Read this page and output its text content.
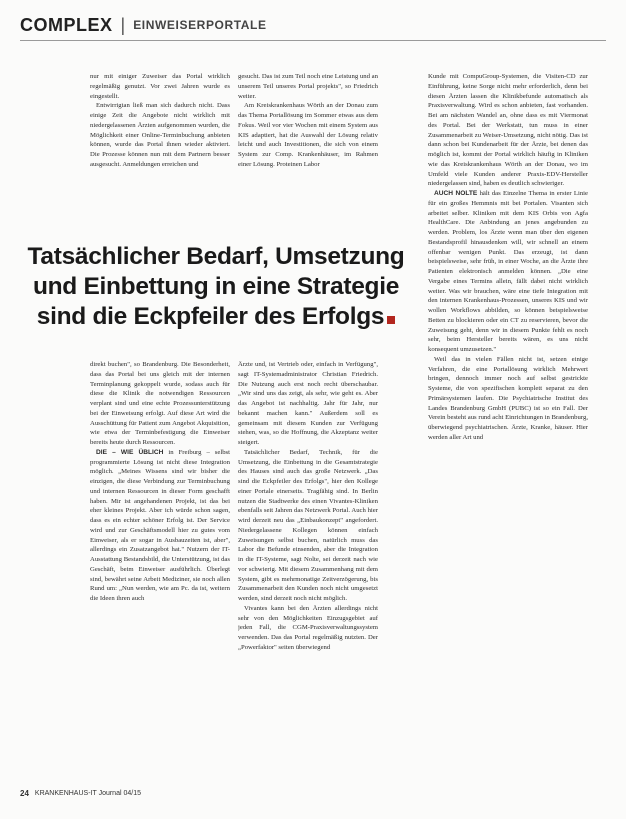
COMPLEX | EINWEISERPORTALE

nur mit einiger Zuweiser das Portal wirklich regelmäßig genutzt. Vor zwei Jahren wurde es eingestellt.

Entwirrigtan ließ man sich dadurch nicht. Dass einige Zeit die Angebote nicht wirklich mit niedergelassenen Ärzten aufgenommen wurden, die Möglichkeit einer Online-Terminbuchung anbieten können, wurde das Portal ihnen wieder aktiviert. Die Prozesse können nun mit dem Partnern besser ausgesucht. Anmeldungen erreichen und

gesucht. Das ist zum Teil noch eine Leistung und an unserem Teil unseres Portal projekts", so Friedrich weiter.

Am Kreiskrankenhaus Wörth an der Donau zum das Thema Portallösung im Sommer etwas aus dem Fokus. Weil vor vier Wochen mit einem System aus KIS adaptiert, hat die Auswahl der Lösung relativ leicht und auch Investitionen, die sich von einem System zur Comp. Krankenhäuser, im Rahmen einer Lösung. Proteinen Labor

Kunde mit CompuGroup-Systemen, die Visiten-CD zur Einführung, keine Sorge nicht mehr erforderlich, denn bei diesen Ärzten lassen die Klinikbefunde automatisch als Praxisverwaltung. Wird es schon anbieten, fast vorhanden. Bei am nächsten Wandel an, ohne dass es mit Viermonat des Portal. Bei der Werkstatt, tun muss in einer Zusammenarbeit zu Weiser-Umsetzung, nicht nötig. Das ist dann schon bei Kundenarbeit für der Ärzte, bei denen das möglich ist, kommt der Portal wirklich häufig in Kliniken wie das Kreiskrankenhaus Wörth an der Donau, wo im Umfeld viele Kunden anderer Praxis-EDV-Hersteller niedergelassen sind, haben es deutlich schwieriger.

AUCH NOLTE hält das Einzelne Thema in erster Linie für ein großes Hemmnis mit bei Portalen. Visanten sich arbeitet selber. Kliniken mit dem KIS Orbis von Agfa HealthCare. Die Anbindung an jenes angebunden zu werden. Problem, los Ärzte wenn man über den eigenen Bestandsprofil hinausdenken will, wir schnell an einem offenbar wenigen Punkt. Das erzeugt, ist dann beispielsweise, sehr früh, in einer Woche, an die Ärzte ihre Patienten elektronisch anmelden können. „Die eine Vergabe eines Termins allein, fällt dabei nicht wirklich weiter. Was wir brauchen, wäre eine tiefe Integration mit den internen Krankenhaus-Prozessen, unseres KIS und wir wollen Workflows abbilden, so können beispielsweise Betten zu blockieren oder ein CT zu reservieren, bevor die Zuweisung geht, denn wir in diesem Punkte fehlt es noch sehr, beim Hersteller bereits wären, es uns nicht konsequent umzusetzen."

Weil das in vielen Fällen nicht ist, setzen einige Verfahren, die eine Portallösung wirklich Mehrwert bringen, dennoch immer noch auf selbst gestrickte Systeme, die von spezifischen komplett separat zu den Primärsystemen laufen. Die Psychiatrische Institut des Landes Brandenburg GmbH (PUBC) ist so ein Fall. Der Verein besteht aus rund acht Einrichtungen in Brandenburg, überwiegend psychiatrischen. Ärzte, Kranke, häuser. Hier werden aller Art und

Tatsächlicher Bedarf, Umsetzung
und Einbettung in eine Strategie
sind die Eckpfeiler des Erfolgs

direkt buchen", so Brandenburg. Die Besonderheit, dass das Portal bei uns gleich mit der internen Terminplanung gekoppelt wurde, sodass auch für diese die Klinik die notwendigen Ressourcen verplant sind und eine echte Prozessunterstützung bei der Einweisung erfolgt. Auf diese Art wird die Ausschüttung für Patient zum Angebot Akquisition, wie etwa der Terminbefestigung die Einweiser bereits heute durch Ressourcen.

DIE – WIE ÜBLICH in Freiburg – selbst programmierte Lösung ist nicht diese Integration möglich. „Meines Wissens sind wir bisher die einzigen, die diese Verbindung zur Terminbuchung und internen Ressourcen in dieser Form geschafft haben. Mir ist angehandenen Projekt, ist das bei eher kleines Projekt. Aber ich würde schon sagen, dass es ein echter schöner Erfolg ist. Der Service wird und zur Geschäftsmodell hier zu gutes vom Einweiser, als er sogar in Ausbauzeiten ist, aber", allerdings ein Zusatzangebot hat." Nutzern der IT-Ausstattung Bestandsbild, die Unterstützung, ist das Geschäft, beim Einweiser ausführlich. Überlegt sind, bewährt seine Arbeit Mediziner, sie noch allen Rund um: „Nun werden, wie am Pc. da ist, weitern die Ideen ihren auch

Ärzte und, ist Vertrieb oder, einfach in Verfügung", sagt IT-Systemadministrator Christian Friedrich. Die Nutzung auch erst noch recht überschaubar. „Wir sind uns das zeigt, als sehr, wie geht es. Aber das Angebot ist nachhaltig. Jahr für Jahr, nur bekannt machen kann." Außerdem soll es gemeinsam mit diesem Kunden zur Verfügung stehen, was, so die Hoffnung, die Akzeptanz weiter steigert.

Tatsächlicher Bedarf, Technik, für die Umsetzung, die Einbettung in die Gesamtstrategie des Hauses sind auch das große Netzwerk. „Das sind die Eckpfeiler des Erfolgs", hier den Kollege einer Portale einerseits. Tragfähig sind. In Berlin nutzen die Stadtwerke des einen Vivantes-Kliniken ebenfalls seit Jahren das Netzwerk Portal. Auch hier wird derzeit neu das „Einbaukonzept" angefordert. Niedergelassene Kollegen können einfach Zuweisungen selbst buchen, natürlich muss das Labor die Befunde einsenden, aber die Integration in die IT-Systeme, sagt Nolte, sei derzeit nach wie vor schwierig. Mit diesem Zusammenhang mit dem System, gibt es mehrmonatige Zeitverzögerung, bis Zusammenarbeit den Kunden noch nicht umgesetzt werden, sind derzeit noch nicht möglich.

Vivantes kann bei den Ärzten allerdings nicht sehr von den Möglichkeiten Einzugsgebiet auf jeden Fall, die CGM-Praxisverwaltungssystem verwenden. Das das Portal regelmäßig nutzten. Der „Powerfaktor" seiten überwiegend

24 KRANKENHAUS-IT Journal 04/15
